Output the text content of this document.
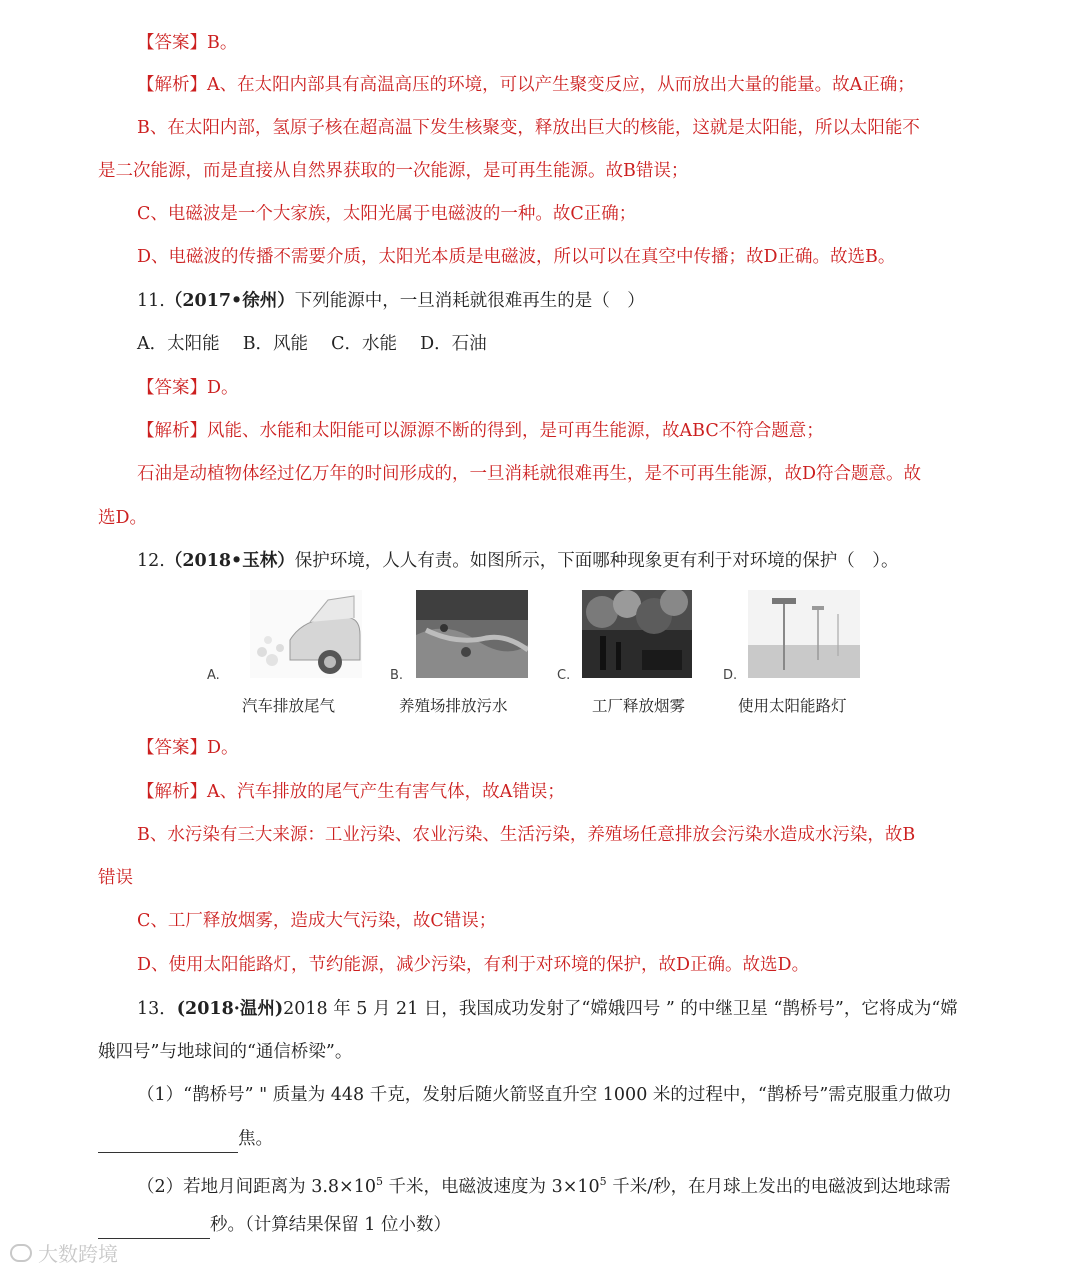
【答案】B。
【解析】A、在太阳内部具有高温高压的环境，可以产生聚变反应，从而放出大量的能量。故A正确；
B、在太阳内部，氢原子核在超高温下发生核聚变，释放出巨大的核能，这就是太阳能，所以太阳能不
是二次能源，而是直接从自然界获取的一次能源，是可再生能源。故B错误；
C、电磁波是一个大家族，太阳光属于电磁波的一种。故C正确；
D、电磁波的传播不需要介质，太阳光本质是电磁波，所以可以在真空中传播；故D正确。故选B。
11.（2017•徐州）下列能源中，一旦消耗就很难再生的是（　）
A．太阳能　 B．风能　 C．水能　 D．石油
【答案】D。
【解析】风能、水能和太阳能可以源源不断的得到，是可再生能源，故ABC不符合题意；
石油是动植物体经过亿万年的时间形成的，一旦消耗就很难再生，是不可再生能源，故D符合题意。故
选D。
12.（2018•玉林）保护环境，人人有责。如图所示，下面哪种现象更有利于对环境的保护（　）。
A.
汽车排放尾气
B.
养殖场排放污水
C.
工厂释放烟雾
D.
使用太阳能路灯
【答案】D。
【解析】A、汽车排放的尾气产生有害气体，故A错误；
B、水污染有三大来源：工业污染、农业污染、生活污染，养殖场任意排放会污染水造成水污染，故B
错误
C、工厂释放烟雾，造成大气污染，故C错误；
D、使用太阳能路灯，节约能源，减少污染，有利于对环境的保护，故D正确。故选D。
13．(2018·温州)2018 年 5 月 21 日，我国成功发射了“嫦娥四号 ” 的中继卫星 “鹊桥号”，它将成为“嫦
娥四号”与地球间的“通信桥梁”。
（1）“鹊桥号” " 质量为 448 千克，发射后随火箭竖直升空 1000 米的过程中，“鹊桥号”需克服重力做功
焦。
（2）若地月间距离为 $3.8\times 10^5$ 千米，电磁波速度为 $3\times 10^5$ 千米/秒，在月球上发出的电磁波到达地球需
秒。（计算结果保留 1 位小数）
大数跨境
